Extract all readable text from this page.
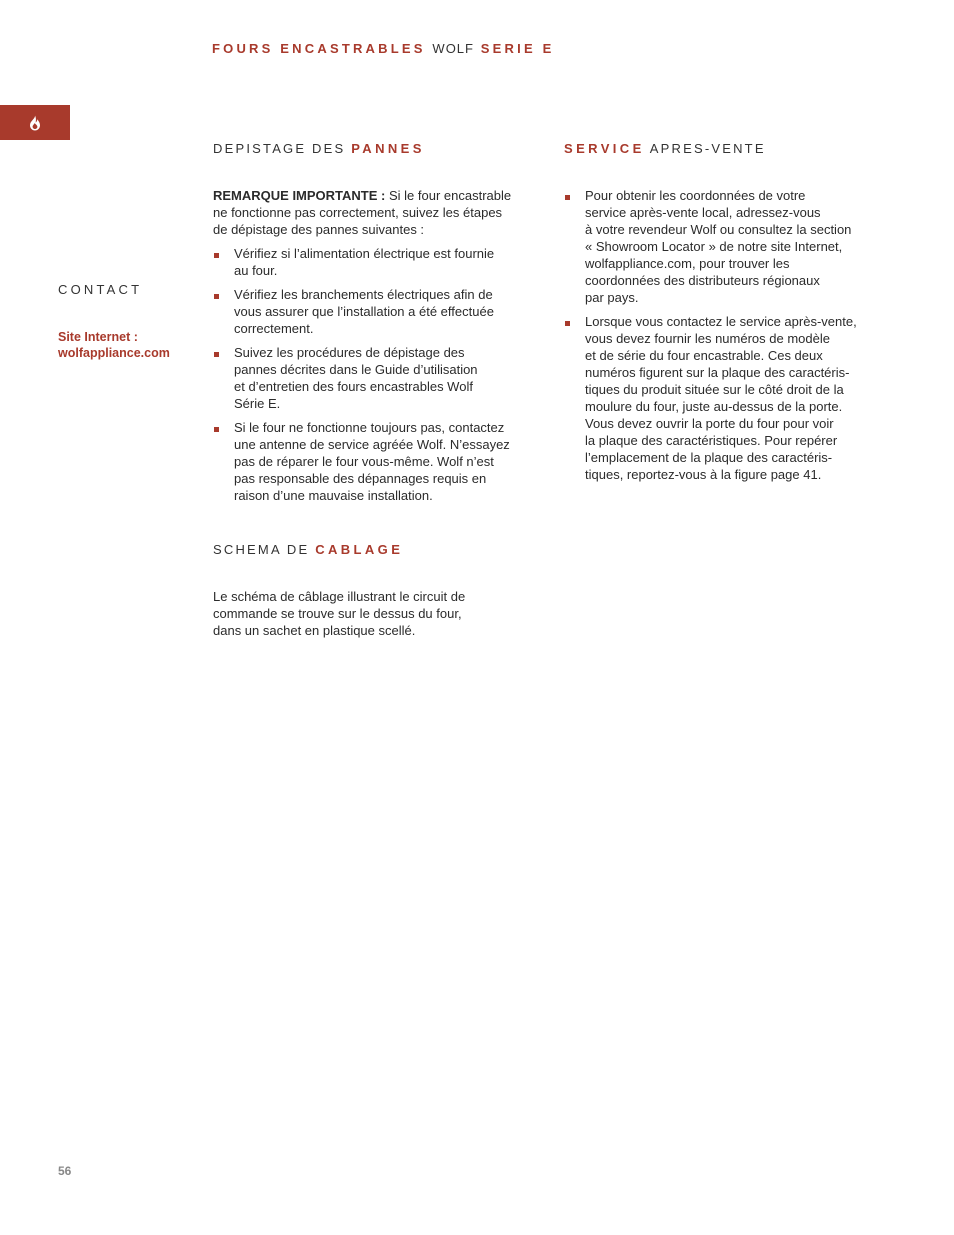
FOURS ENCASTRABLES WOLF SERIE E
CONTACT
Site Internet :
wolfappliance.com
DEPISTAGE DES PANNES

REMARQUE IMPORTANTE : Si le four encastrable
ne fonctionne pas correctement, suivez les étapes
de dépistage des pannes suivantes :

Vérifiez si l’alimentation électrique est fournie
au four.
Vérifiez les branchements électriques afin de
vous assurer que l’installation a été effectuée
correctement.
Suivez les procédures de dépistage des
pannes décrites dans le Guide d’utilisation
et d’entretien des fours encastrables Wolf
Série E.
Si le four ne fonctionne toujours pas, contactez
une antenne de service agréée Wolf. N’essayez
pas de réparer le four vous-même. Wolf n’est
pas responsable des dépannages requis en
raison d’une mauvaise installation.
SCHEMA DE CABLAGE

Le schéma de câblage illustrant le circuit de
commande se trouve sur le dessus du four,
dans un sachet en plastique scellé.

SERVICE APRES-VENTE
Pour obtenir les coordonnées de votre
service après-vente local, adressez-vous
à votre revendeur Wolf ou consultez la section
« Showroom Locator » de notre site Internet,
wolfappliance.com, pour trouver les
coordonnées des distributeurs régionaux
par pays.
Lorsque vous contactez le service après-vente,
vous devez fournir les numéros de modèle
et de série du four encastrable. Ces deux
numéros figurent sur la plaque des caractéris-
tiques du produit située sur le côté droit de la
moulure du four, juste au-dessus de la porte.
Vous devez ouvrir la porte du four pour voir
la plaque des caractéristiques. Pour repérer
l’emplacement de la plaque des caractéris-
tiques, reportez-vous à la figure page 41.
56
